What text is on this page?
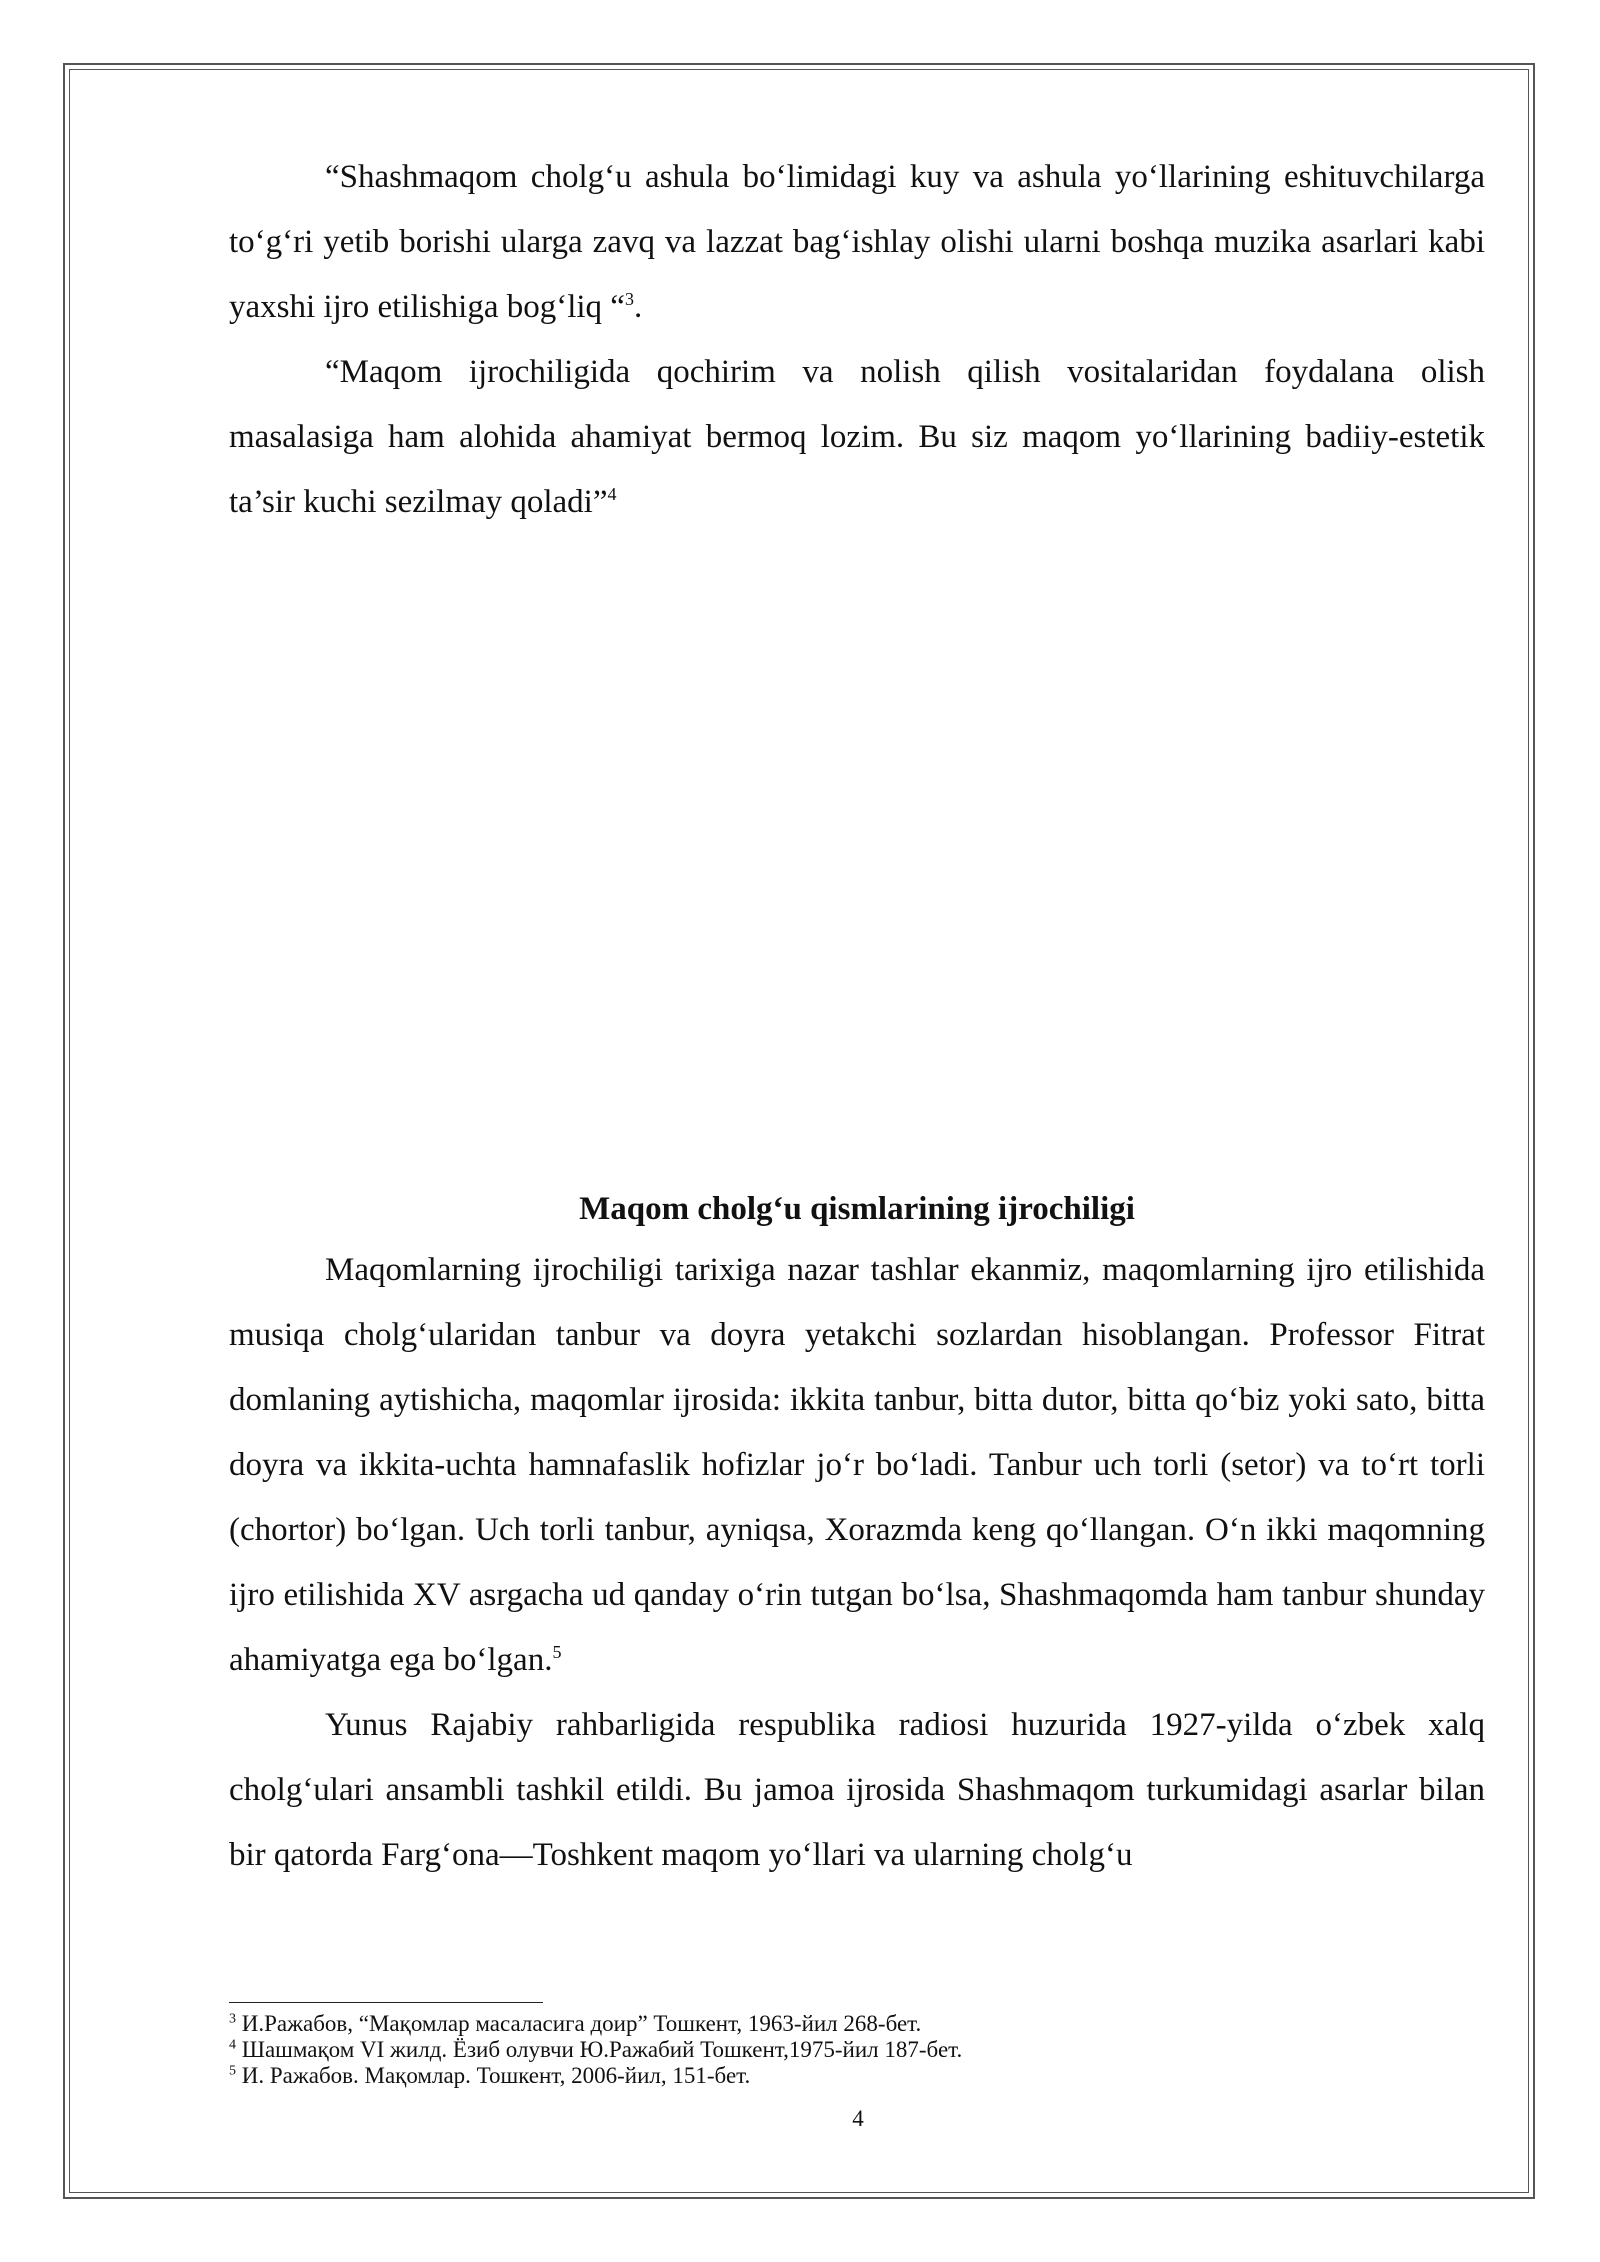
“Shashmaqom cholg‘u ashula bo‘limidagi kuy va ashula yo‘llarining eshituvchilarga to‘g‘ri yetib borishi ularga zavq va lazzat bag‘ishlay olishi ularni boshqa muzika asarlari kabi yaxshi ijro etilishiga bog‘liq “$^3$.

“Maqom ijrochiligida qochirim va nolish qilish vositalaridan foydalana olish masalasiga ham alohida ahamiyat bermoq lozim. Bu siz maqom yo‘llarining badiiy-estetik ta’sir kuchi sezilmay qoladi”$^4$

Maqom cholg‘u qismlarining ijrochiligi

Maqomlarning ijrochiligi tarixiga nazar tashlar ekanmiz, maqomlarning ijro etilishida musiqa cholg‘ularidan tanbur va doyra yetakchi sozlardan hisoblangan. Professor Fitrat domlaning aytishicha, maqomlar ijrosida: ikkita tanbur, bitta dutor, bitta qo‘biz yoki sato, bitta doyra va ikkita-uchta hamnafaslik hofizlar jo‘r bo‘ladi. Tanbur uch torli (setor) va to‘rt torli (chortor) bo‘lgan. Uch torli tanbur, ayniqsa, Xorazmda keng qo‘llangan. O‘n ikki maqomning ijro etilishida XV asrgacha ud qanday o‘rin tutgan bo‘lsa, Shashmaqomda ham tanbur shunday ahamiyatga ega bo‘lgan.$^5$

Yunus Rajabiy rahbarligida respublika radiosi huzurida 1927-yilda o‘zbek xalq cholg‘ulari ansambli tashkil etildi. Bu jamoa ijrosida Shashmaqom turkumidagi asarlar bilan bir qatorda Farg‘ona—Toshkent maqom yo‘llari va ularning cholg‘u

$^3$ И.Ражабов, “Мақомлар масаласига доир” Тошкент, 1963-йил 268-бет.

$^4$ Шашмақом VI жилд. Ёзиб олувчи Ю.Ражабий Тошкент,1975-йил 187-бет.

$^5$ И. Ражабов. Мақомлар. Тошкент, 2006-йил, 151-бет.

4
